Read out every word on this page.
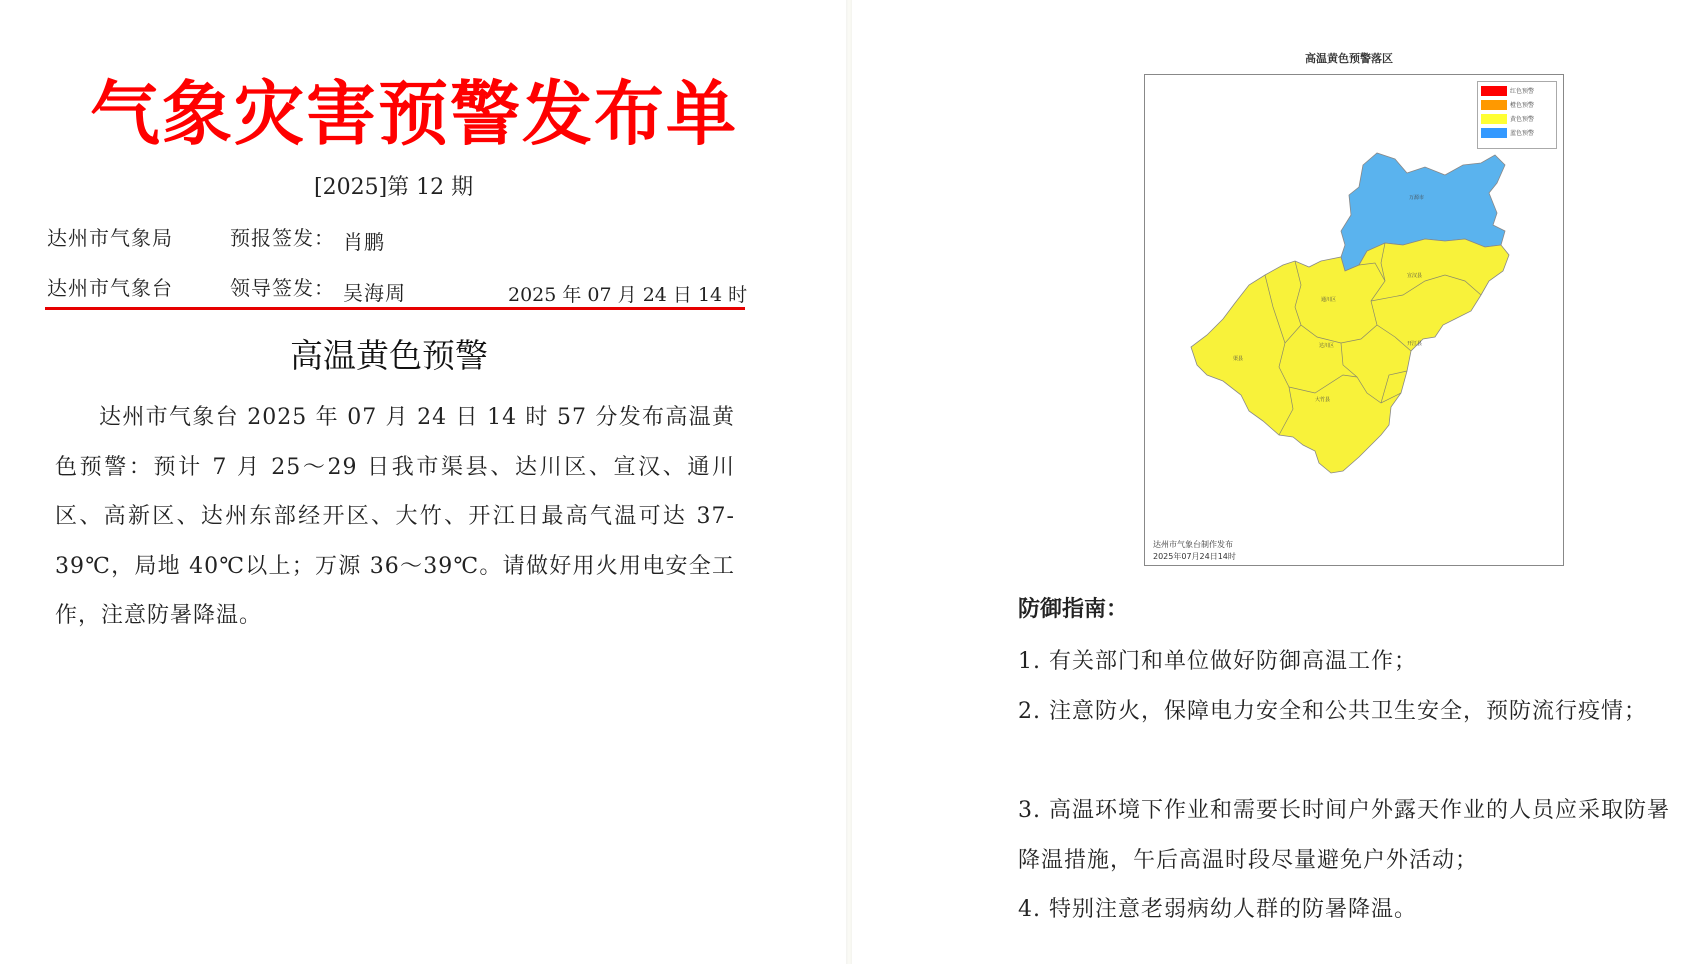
气象灾害预警发布单
[2025]第 12 期
达州市气象局	预报签发： 肖鹏
达州市气象台	领导签发： 吴海周	2025 年 07 月 24 日 14 时
高温黄色预警

达州市气象台 2025 年 07 月 24 日 14 时 57 分发布高温黄色预警：预计 7 月 25～29 日我市渠县、达川区、宣汉、通川区、高新区、达州东部经开区、大竹、开江日最高气温可达 37-39℃，局地 40℃以上；万源 36～39℃。请做好用火用电安全工作，注意防暑降温。

高温黄色预警落区
万源市
宣汉县
通川区
达川区
渠县
开江县
大竹县
红色预警
橙色预警
黄色预警
蓝色预警
达州市气象台制作发布
2025年07月24日14时
防御指南：
1. 有关部门和单位做好防御高温工作；
2. 注意防火，保障电力安全和公共卫生安全，预防流行疫情；
3. 高温环境下作业和需要长时间户外露天作业的人员应采取防暑降温措施，午后高温时段尽量避免户外活动；
4. 特别注意老弱病幼人群的防暑降温。
